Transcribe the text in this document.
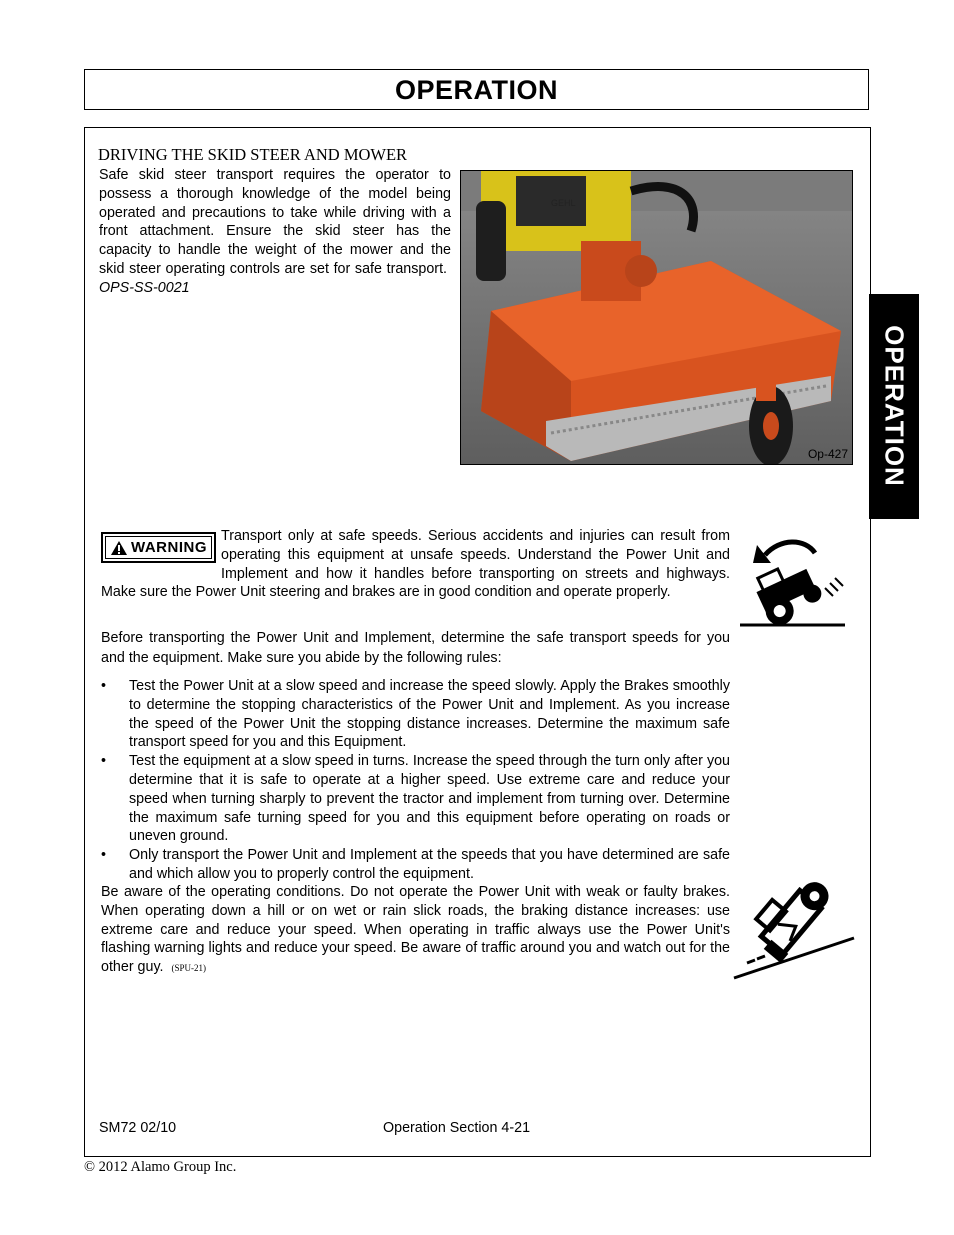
OPERATION
OPERATION
DRIVING THE SKID STEER AND MOWER
Safe skid steer transport requires the operator to possess a thorough knowledge of the model being operated and precautions to take while driving with a front attachment. Ensure the skid steer has the capacity to handle the weight of the mower and the skid steer operating controls are set for safe transport.  OPS-SS-0021
GEHL
Op-427
WARNING
Transport only at safe speeds. Serious accidents and injuries can result from operating this equipment at unsafe speeds. Understand the Power Unit and Implement and how it handles before transporting on streets and highways. Make sure the Power Unit steering and brakes are in good condition and operate properly.
Before transporting the Power Unit and Implement, determine the safe transport speeds for you and the equipment. Make sure you abide by the following rules:
• Test the Power Unit at a slow speed and increase the speed slowly. Apply the Brakes smoothly to determine the stopping characteristics of the Power Unit and Implement. As you increase the speed of the Power Unit the stopping distance increases. Determine the maximum safe transport speed for you and this Equipment.
• Test the equipment at a slow speed in turns. Increase the speed through the turn only after you determine that it is safe to operate at a higher speed. Use extreme care and reduce your speed when turning sharply to prevent the tractor and implement from turning over. Determine the maximum safe turning speed for you and this equipment before operating on roads or uneven ground.
• Only transport the Power Unit and Implement at the speeds that you have determined are safe and which allow you to properly control the equipment.
Be aware of the operating conditions. Do not operate the Power Unit with weak or faulty brakes. When operating down a hill or on wet or rain slick roads, the braking distance increases: use extreme care and reduce your speed. When operating in traffic always use the Power Unit's flashing warning lights and reduce your speed. Be aware of traffic around you and watch out for the other guy. (SPU-21)
SM72 02/10	Operation Section 4-21
© 2012 Alamo Group Inc.
